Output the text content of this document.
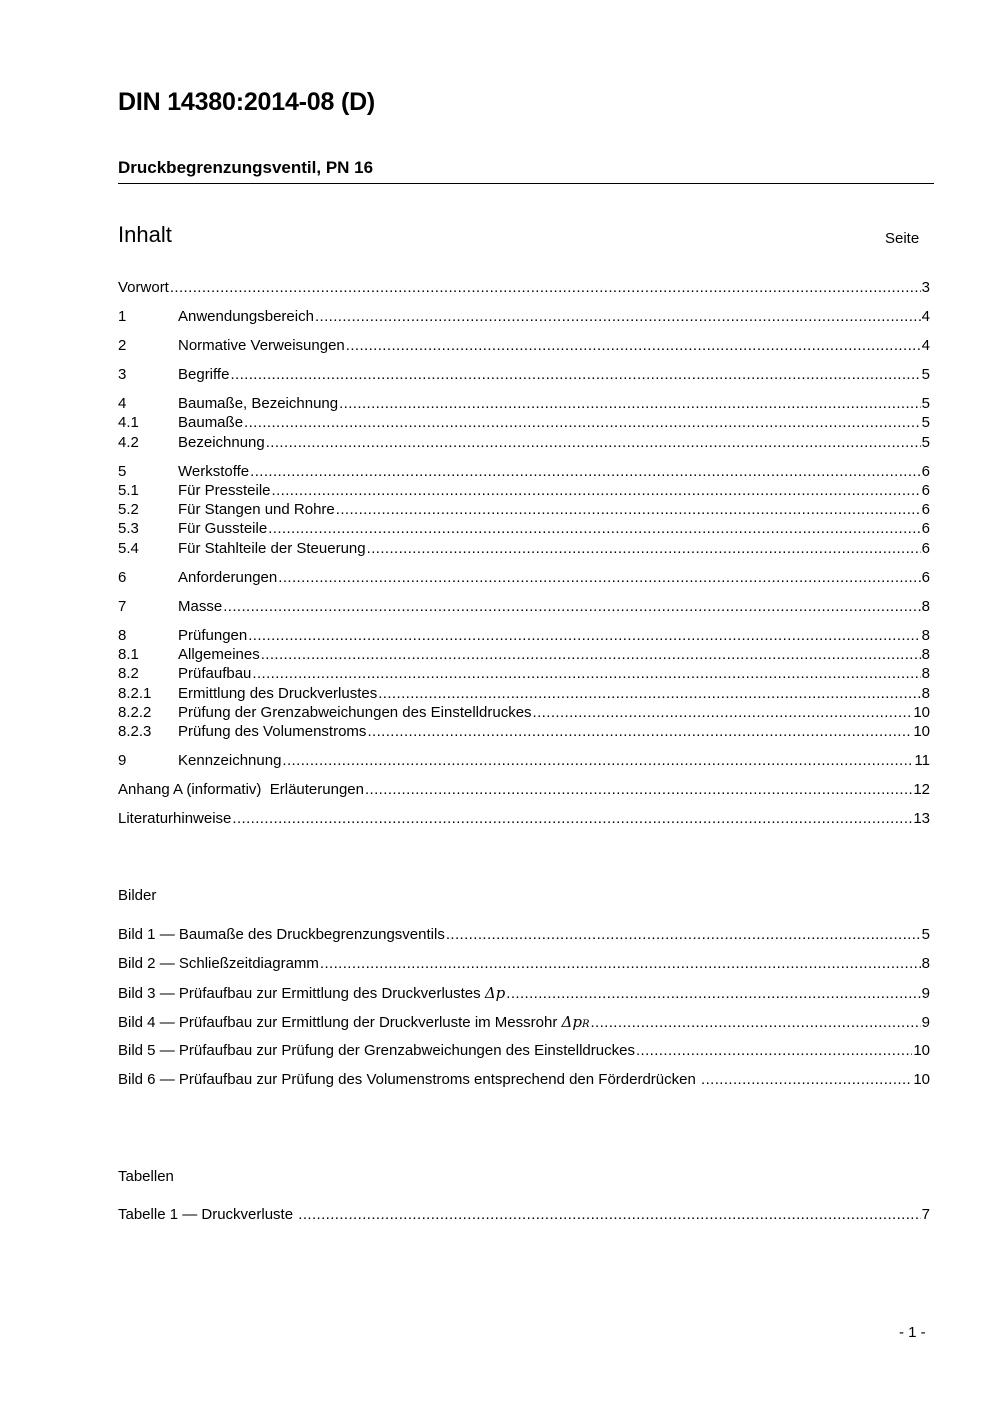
DIN 14380:2014-08 (D)
Druckbegrenzungsventil, PN 16
Inhalt	Seite
Vorwort .....	3
1	Anwendungsbereich .....	4
2	Normative Verweisungen .....	4
3	Begriffe .....	5
4	Baumaße, Bezeichnung .....	5
4.1	Baumaße .....	5
4.2	Bezeichnung .....	5
5	Werkstoffe .....	6
5.1	Für Pressteile .....	6
5.2	Für Stangen und Rohre .....	6
5.3	Für Gussteile .....	6
5.4	Für Stahlteile der Steuerung .....	6
6	Anforderungen .....	6
7	Masse .....	8
8	Prüfungen .....	8
8.1	Allgemeines .....	8
8.2	Prüfaufbau .....	8
8.2.1	Ermittlung des Druckverlustes .....	8
8.2.2	Prüfung der Grenzabweichungen des Einstelldruckes .....	10
8.2.3	Prüfung des Volumenstroms .....	10
9	Kennzeichnung .....	11
Anhang A (informativ)  Erläuterungen .....	12
Literaturhinweise .....	13
Bilder
Bild 1 — Baumaße des Druckbegrenzungsventils .....	5
Bild 2 — Schließzeitdiagramm .....	8
Bild 3 — Prüfaufbau zur Ermittlung des Druckverlustes Δp .....	9
Bild 4 — Prüfaufbau zur Ermittlung der Druckverluste im Messrohr $\Delta p_R$ .....	9
Bild 5 — Prüfaufbau zur Prüfung der Grenzabweichungen des Einstelldruckes .....	10
Bild 6 — Prüfaufbau zur Prüfung des Volumenstroms entsprechend den Förderdrücken .....	10
Tabellen
Tabelle 1 — Druckverluste .....	7
- 1 -
